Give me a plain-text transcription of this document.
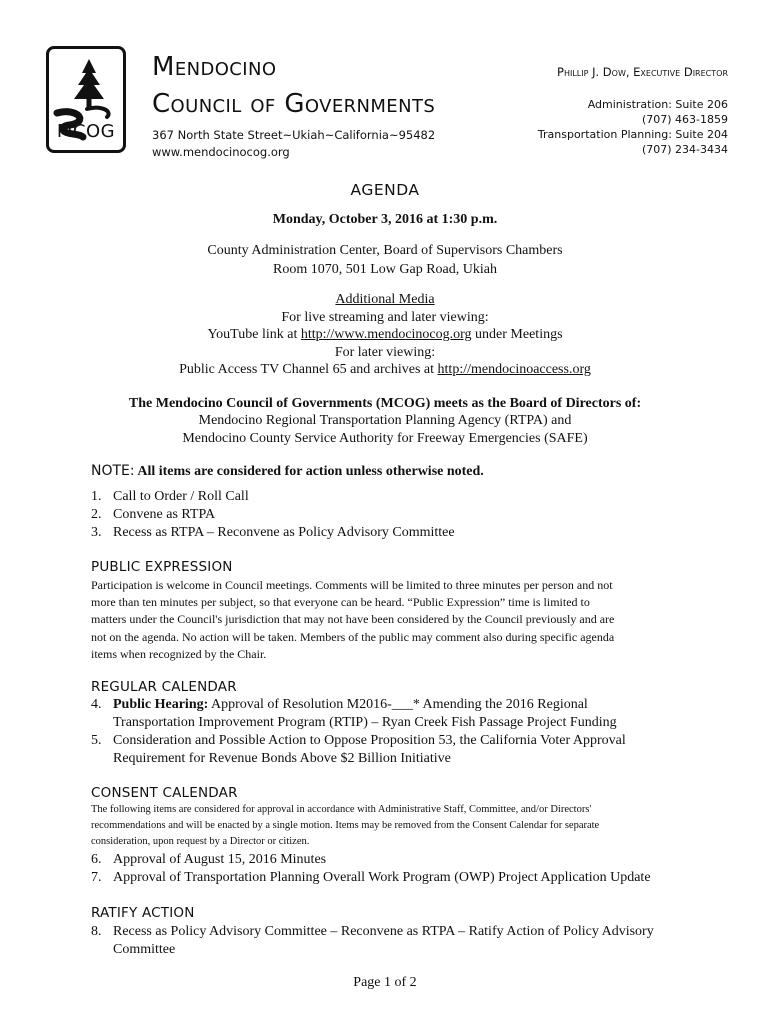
MCOG
Mendocino
Council of Governments
367 North State Street~Ukiah~California~95482
www.mendocinocog.org
Phillip J. Dow, Executive Director
Administration: Suite 206
(707) 463-1859
Transportation Planning: Suite 204
(707) 234-3434
AGENDA
Monday, October 3, 2016 at 1:30 p.m.
County Administration Center, Board of Supervisors Chambers
Room 1070, 501 Low Gap Road, Ukiah
Additional Media
For live streaming and later viewing:
YouTube link at http://www.mendocinocog.org under Meetings
For later viewing:
Public Access TV Channel 65 and archives at http://mendocinoaccess.org
The Mendocino Council of Governments (MCOG) meets as the Board of Directors of:
Mendocino Regional Transportation Planning Agency (RTPA) and
Mendocino County Service Authority for Freeway Emergencies (SAFE)
NOTE: All items are considered for action unless otherwise noted.
1. Call to Order / Roll Call
2. Convene as RTPA
3. Recess as RTPA – Reconvene as Policy Advisory Committee
PUBLIC EXPRESSION
Participation is welcome in Council meetings. Comments will be limited to three minutes per person and not
more than ten minutes per subject, so that everyone can be heard. “Public Expression” time is limited to
matters under the Council's jurisdiction that may not have been considered by the Council previously and are
not on the agenda. No action will be taken. Members of the public may comment also during specific agenda
items when recognized by the Chair.
REGULAR CALENDAR
4. Public Hearing: Approval of Resolution M2016-___* Amending the 2016 Regional
Transportation Improvement Program (RTIP) – Ryan Creek Fish Passage Project Funding
5. Consideration and Possible Action to Oppose Proposition 53, the California Voter Approval
Requirement for Revenue Bonds Above $2 Billion Initiative
CONSENT CALENDAR
The following items are considered for approval in accordance with Administrative Staff, Committee, and/or Directors'
recommendations and will be enacted by a single motion. Items may be removed from the Consent Calendar for separate
consideration, upon request by a Director or citizen.
6. Approval of August 15, 2016 Minutes
7. Approval of Transportation Planning Overall Work Program (OWP) Project Application Update
RATIFY ACTION
8. Recess as Policy Advisory Committee – Reconvene as RTPA – Ratify Action of Policy Advisory
Committee
Page 1 of 2
